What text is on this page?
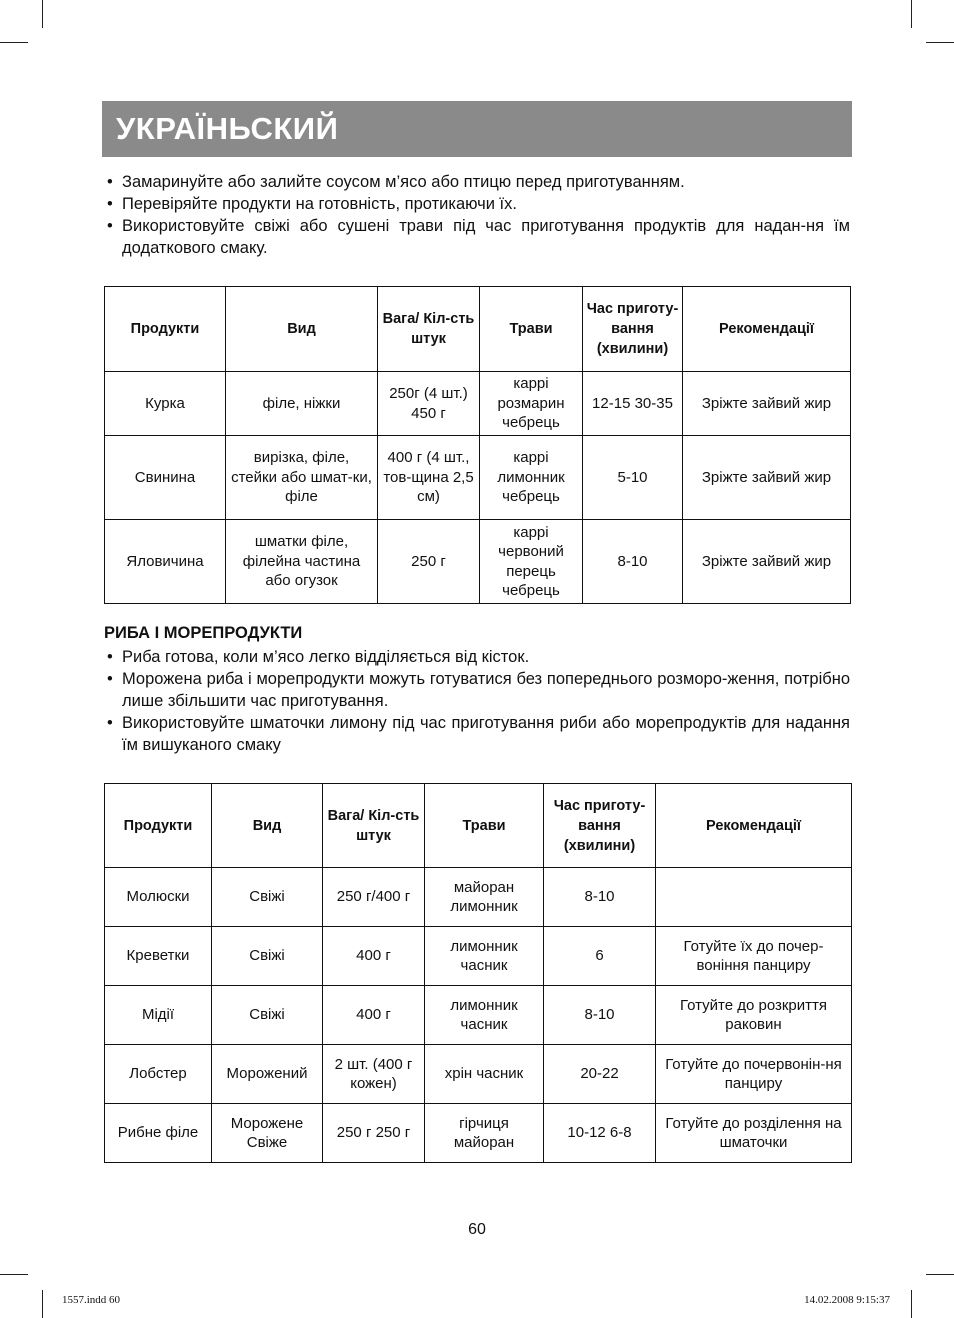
УКРАЇНЬСКИЙ
• Замаринуйте або залийте соусом м’ясо або птицю перед приготуванням.
• Перевіряйте продукти на готовність, протикаючи їх.
• Використовуйте свіжі або сушені трави під час приготування продуктів для надан-ня їм додаткового смаку.
Продукти	Вид	Вага/ Кіл-сть штук	Трави	Час приготу-вання (хвилини)	Рекомендації
Курка	філе, ніжки	250г (4 шт.) 450 г	каррі розмарин чебрець	12-15 30-35	Зріжте зайвий жир
Свинина	вирізка, філе, стейки або шмат-ки, філе	400 г (4 шт., тов-щина 2,5 см)	каррі лимонник чебрець	5-10	Зріжте зайвий жир
Яловичина	шматки філе, філейна частина або огузок	250 г	каррі червоний перець чебрець	8-10	Зріжте зайвий жир
РИБА І МОРЕПРОДУКТИ
• Риба готова, коли м’ясо легко відділяється від кісток.
• Морожена риба і морепродукти можуть готуватися без попереднього розморо-ження, потрібно лише збільшити час приготування.
• Використовуйте шматочки лимону під час приготування риби або морепродуктів для надання їм вишуканого смаку
Продукти	Вид	Вага/ Кіл-сть штук	Трави	Час приготу-вання (хвилини)	Рекомендації
Молюски	Свіжі	250 г/400 г	майоран лимонник	8-10	
Креветки	Свіжі	400 г	лимонник часник	6	Готуйте їх до почер-воніння панциру
Мідії	Свіжі	400 г	лимонник часник	8-10	Готуйте до розкриття раковин
Лобстер	Морожений	2 шт. (400 г кожен)	хрін часник	20-22	Готуйте до почервонін-ня панциру
Рибне філе	Морожене Свіже	250 г 250 г	гірчиця майоран	10-12 6-8	Готуйте до розділення на шматочки
60
1557.indd 60	14.02.2008 9:15:37
